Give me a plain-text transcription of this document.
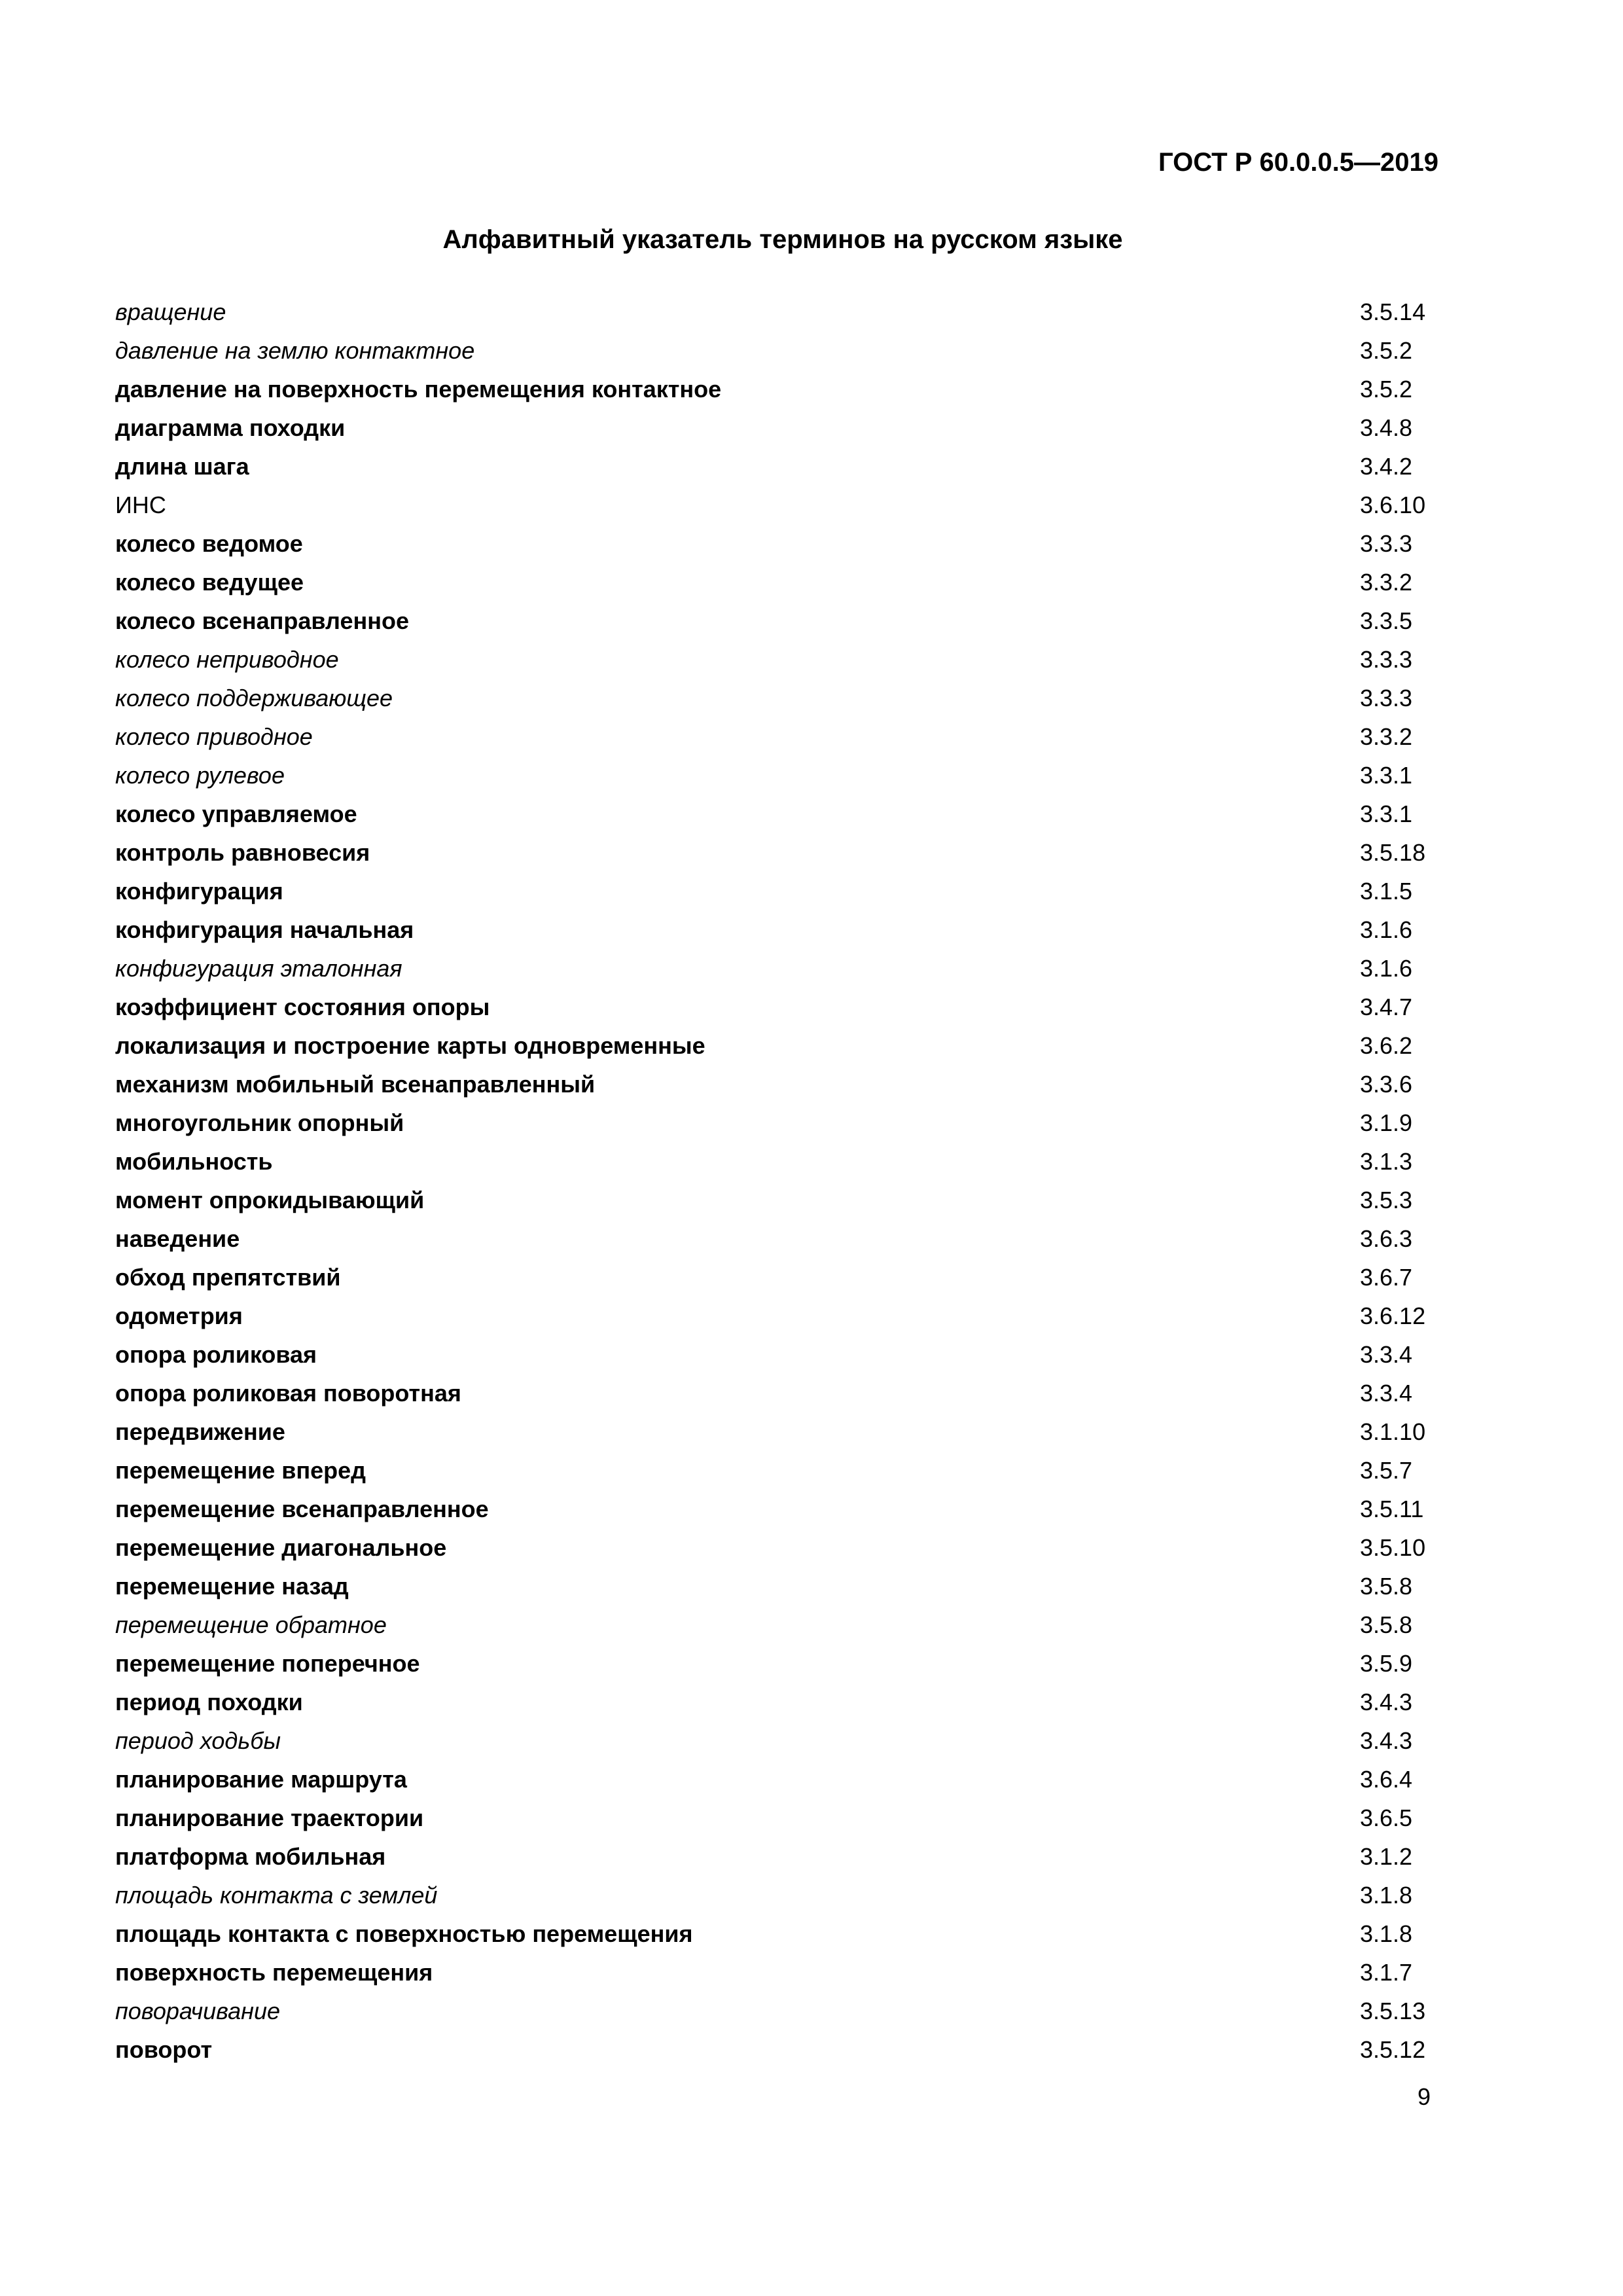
ГОСТ Р 60.0.0.5—2019
Алфавитный указатель терминов на русском языке
вращение	3.5.14
давление на землю контактное	3.5.2
давление на поверхность перемещения контактное	3.5.2
диаграмма походки	3.4.8
длина шага	3.4.2
ИНС	3.6.10
колесо ведомое	3.3.3
колесо ведущее	3.3.2
колесо всенаправленное	3.3.5
колесо неприводное	3.3.3
колесо поддерживающее	3.3.3
колесо приводное	3.3.2
колесо рулевое	3.3.1
колесо управляемое	3.3.1
контроль равновесия	3.5.18
конфигурация	3.1.5
конфигурация начальная	3.1.6
конфигурация эталонная	3.1.6
коэффициент состояния опоры	3.4.7
локализация и построение карты одновременные	3.6.2
механизм мобильный всенаправленный	3.3.6
многоугольник опорный	3.1.9
мобильность	3.1.3
момент опрокидывающий	3.5.3
наведение	3.6.3
обход препятствий	3.6.7
одометрия	3.6.12
опора роликовая	3.3.4
опора роликовая поворотная	3.3.4
передвижение	3.1.10
перемещение вперед	3.5.7
перемещение всенаправленное	3.5.11
перемещение диагональное	3.5.10
перемещение назад	3.5.8
перемещение обратное	3.5.8
перемещение поперечное	3.5.9
период походки	3.4.3
период ходьбы	3.4.3
планирование маршрута	3.6.4
планирование траектории	3.6.5
платформа мобильная	3.1.2
площадь контакта с землей	3.1.8
площадь контакта с поверхностью перемещения	3.1.8
поверхность перемещения	3.1.7
поворачивание	3.5.13
поворот	3.5.12
9
